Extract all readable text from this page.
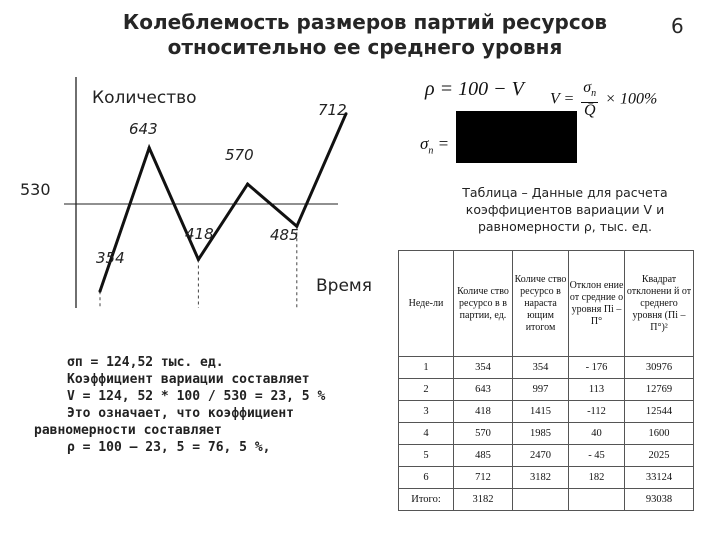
Колеблемость размеров партий ресурсов
относительно ее среднего уровня
6
Количество
Время
530
354
643
418
570
485
712
ρ = 100 − V $V = \frac{\sigma_п}{Q̄} \times 100\%$
$\sigma_п$ =
σп = 124,52 тыс. ед.
Коэффициент вариации составляет
V = 124, 52 * 100 / 530 = 23, 5 %
Это означает, что коэффициент
равномерности составляет
ρ = 100 – 23, 5 = 76, 5 %,
Таблица – Данные для расчета
коэффициентов вариации V и
равномерности ρ, тыс. ед.
Неде-ли	Количе ство ресурсо в в партии, ед.	Количе ство ресурсо в нараста ющим итогом	Отклон ение от средние о уровня Пi – П°	Квадрат отклонени й от среднего уровня (Пi – П°)²
1	354	354	- 176	30976
2	643	997	113	12769
3	418	1415	-112	12544
4	570	1985	40	1600
5	485	2470	- 45	2025
6	712	3182	182	33124
Итого:	3182			93038
